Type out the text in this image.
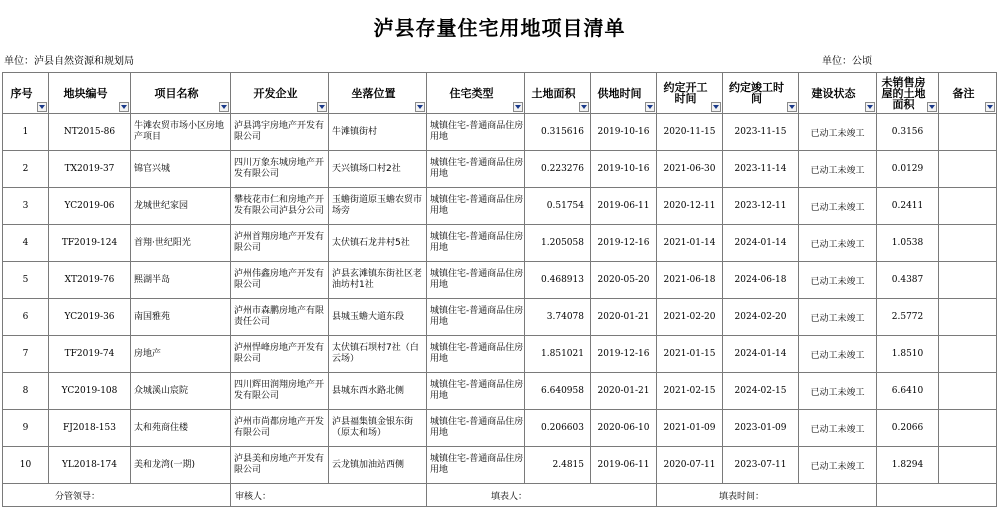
泸县存量住宅用地项目清单
单位：泸县自然资源和规划局	单位：公顷
序号	地块编号	项目名称	开发企业	坐落位置	住宅类型	土地面积	供地时间	约定开工时间	约定竣工时间	建设状态	未销售房屋的土地面积	备注

1	NT2015-86	牛滩农贸市场小区房地产项目	泸县鸿宇房地产开发有限公司	牛滩镇街村	城镇住宅-普通商品住房用地	0.315616	2019-10-16	2020-11-15	2023-11-15	已动工未竣工	0.3156	
2	TX2019-37	锦官兴城	四川万象东城房地产开发有限公司	天兴镇场口村2社	城镇住宅-普通商品住房用地	0.223276	2019-10-16	2021-06-30	2023-11-14	已动工未竣工	0.0129	
3	YC2019-06	龙城世纪家园	攀枝花市仁和房地产开发有限公司泸县分公司	玉蟾街道原玉蟾农贸市场旁	城镇住宅-普通商品住房用地	0.51754	2019-06-11	2020-12-11	2023-12-11	已动工未竣工	0.2411	
4	TF2019-124	首翔·世纪阳光	泸州首翔房地产开发有限公司	太伏镇石龙井村5社	城镇住宅-普通商品住房用地	1.205058	2019-12-16	2021-01-14	2024-01-14	已动工未竣工	1.0538	
5	XT2019-76	熙湖半岛	泸州伟鑫房地产开发有限公司	泸县玄滩镇东街社区老油坊村1社	城镇住宅-普通商品住房用地	0.468913	2020-05-20	2021-06-18	2024-06-18	已动工未竣工	0.4387	
6	YC2019-36	南国雅苑	泸州市森鹏房地产有限责任公司	县城玉蟾大道东段	城镇住宅-普通商品住房用地	3.74078	2020-01-21	2021-02-20	2024-02-20	已动工未竣工	2.5772	
7	TF2019-74	房地产	泸州悍峰房地产开发有限公司	太伏镇石坝村7社（白云场）	城镇住宅-普通商品住房用地	1.851021	2019-12-16	2021-01-15	2024-01-14	已动工未竣工	1.8510	
8	YC2019-108	众城溪山宸院	四川辉田润翔房地产开发有限公司	县城东西水路北侧	城镇住宅-普通商品住房用地	6.640958	2020-01-21	2021-02-15	2024-02-15	已动工未竣工	6.6410	
9	FJ2018-153	太和苑商住楼	泸州市尚都房地产开发有限公司	泸县福集镇金银东街（原太和场）	城镇住宅-普通商品住房用地	0.206603	2020-06-10	2021-01-09	2023-01-09	已动工未竣工	0.2066	
10	YL2018-174	美和龙湾(一期)	泸县美和房地产开发有限公司	云龙镇加油站西侧	城镇住宅-普通商品住房用地	2.4815	2019-06-11	2020-07-11	2023-07-11	已动工未竣工	1.8294	
分管领导：			审核人：		填表人：			填表时间：				
